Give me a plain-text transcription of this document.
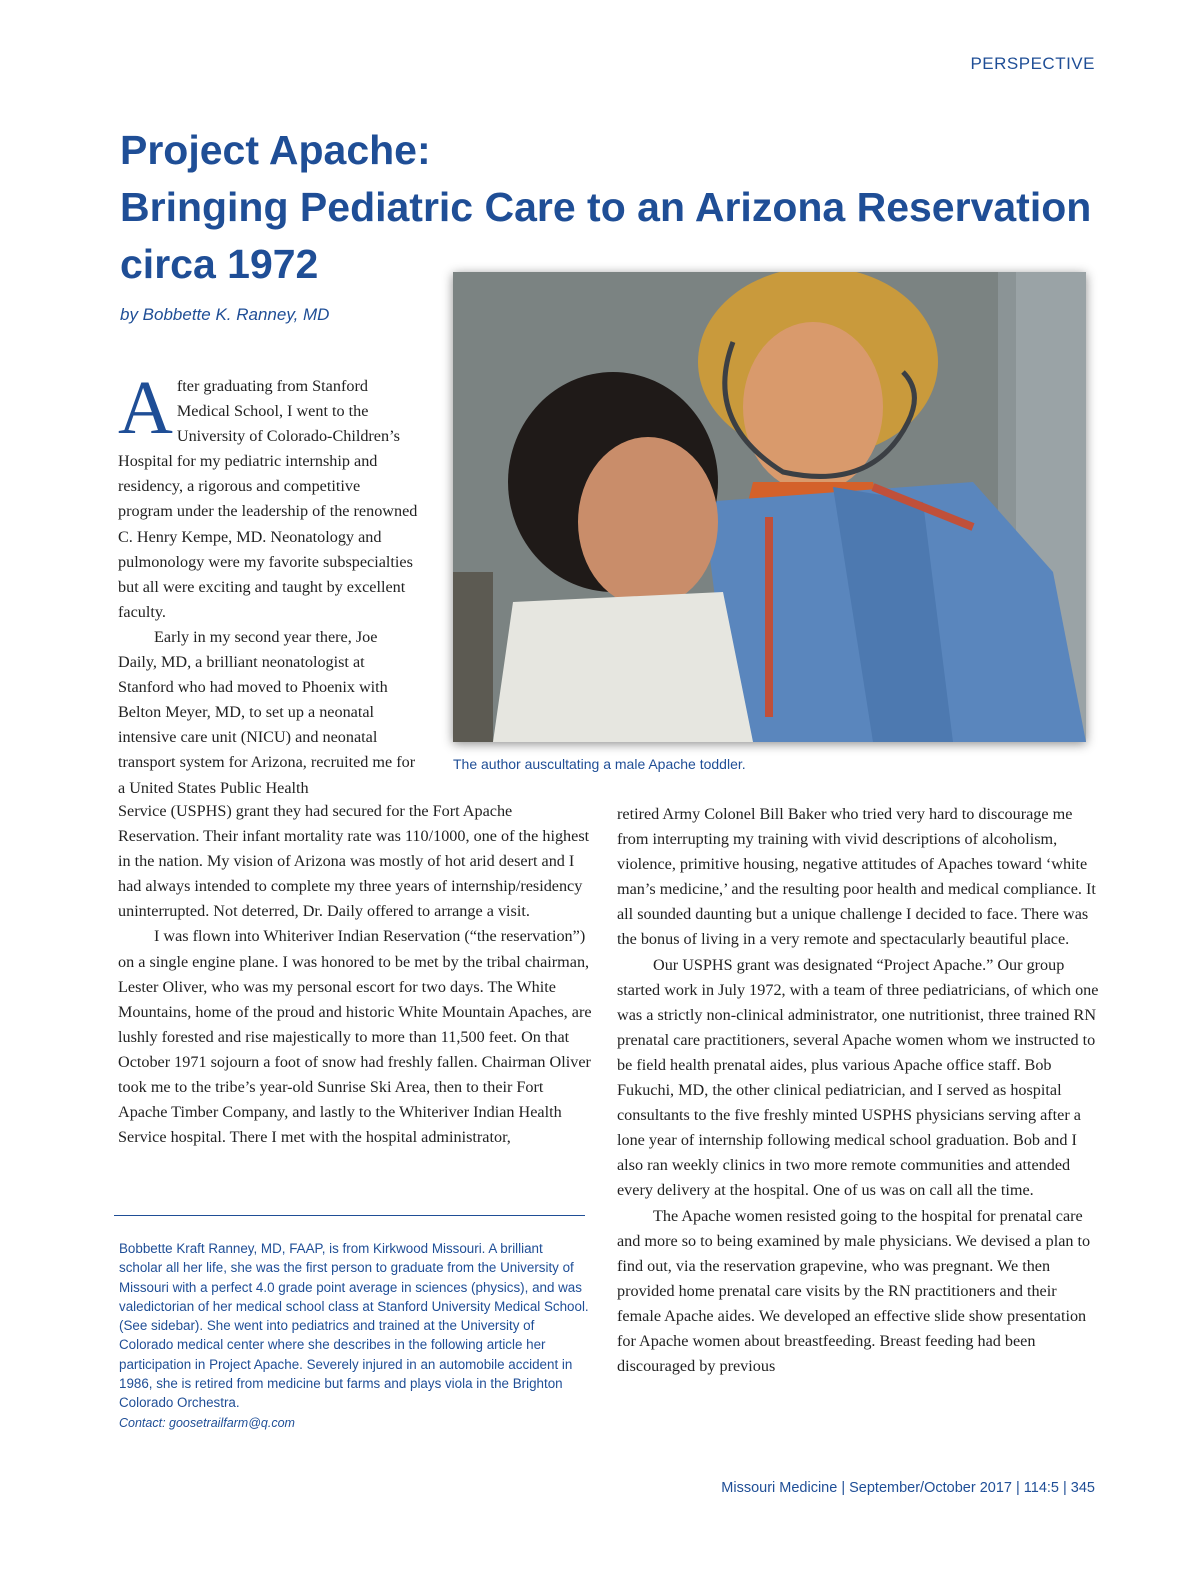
PERSPECTIVE
Project Apache:
Bringing Pediatric Care to an Arizona Reservation
circa 1972
by Bobbette K. Ranney, MD
The author auscultating a male Apache toddler.

After graduating from Stanford Medical School, I went to the University of Colorado-Children’s Hospital for my pediatric internship and residency, a rigorous and competitive program under the leadership of the renowned C. Henry Kempe, MD. Neonatology and pulmonology were my favorite subspecialties but all were exciting and taught by excellent faculty.

Early in my second year there, Joe Daily, MD, a brilliant neonatologist at Stanford who had moved to Phoenix with Belton Meyer, MD, to set up a neonatal intensive care unit (NICU) and neonatal transport system for Arizona, recruited me for a United States Public Health

Service (USPHS) grant they had secured for the Fort Apache Reservation. Their infant mortality rate was 110/1000, one of the highest in the nation. My vision of Arizona was mostly of hot arid desert and I had always intended to complete my three years of internship/residency uninterrupted. Not deterred, Dr. Daily offered to arrange a visit.

I was flown into Whiteriver Indian Reservation (“the reservation”) on a single engine plane. I was honored to be met by the tribal chairman, Lester Oliver, who was my personal escort for two days. The White Mountains, home of the proud and historic White Mountain Apaches, are lushly forested and rise majestically to more than 11,500 feet. On that October 1971 sojourn a foot of snow had freshly fallen. Chairman Oliver took me to the tribe’s year-old Sunrise Ski Area, then to their Fort Apache Timber Company, and lastly to the Whiteriver Indian Health Service hospital. There I met with the hospital administrator,

retired Army Colonel Bill Baker who tried very hard to discourage me from interrupting my training with vivid descriptions of alcoholism, violence, primitive housing, negative attitudes of Apaches toward ‘white man’s medicine,’ and the resulting poor health and medical compliance. It all sounded daunting but a unique challenge I decided to face. There was the bonus of living in a very remote and spectacularly beautiful place.

Our USPHS grant was designated “Project Apache.” Our group started work in July 1972, with a team of three pediatricians, of which one was a strictly non-clinical administrator, one nutritionist, three trained RN prenatal care practitioners, several Apache women whom we instructed to be field health prenatal aides, plus various Apache office staff. Bob Fukuchi, MD, the other clinical pediatrician, and I served as hospital consultants to the five freshly minted USPHS physicians serving after a lone year of internship following medical school graduation. Bob and I also ran weekly clinics in two more remote communities and attended every delivery at the hospital. One of us was on call all the time.

The Apache women resisted going to the hospital for prenatal care and more so to being examined by male physicians. We devised a plan to find out, via the reservation grapevine, who was pregnant. We then provided home prenatal care visits by the RN practitioners and their female Apache aides. We developed an effective slide show presentation for Apache women about breastfeeding. Breast feeding had been discouraged by previous

Bobbette Kraft Ranney, MD, FAAP, is from Kirkwood Missouri. A brilliant scholar all her life, she was the first person to graduate from the University of Missouri with a perfect 4.0 grade point average in sciences (physics), and was valedictorian of her medical school class at Stanford University Medical School. (See sidebar). She went into pediatrics and trained at the University of Colorado medical center where she describes in the following article her participation in Project Apache. Severely injured in an automobile accident in 1986, she is retired from medicine but farms and plays viola in the Brighton Colorado Orchestra.
Contact: goosetrailfarm@q.com
Missouri Medicine | September/October 2017 | 114:5 | 345
